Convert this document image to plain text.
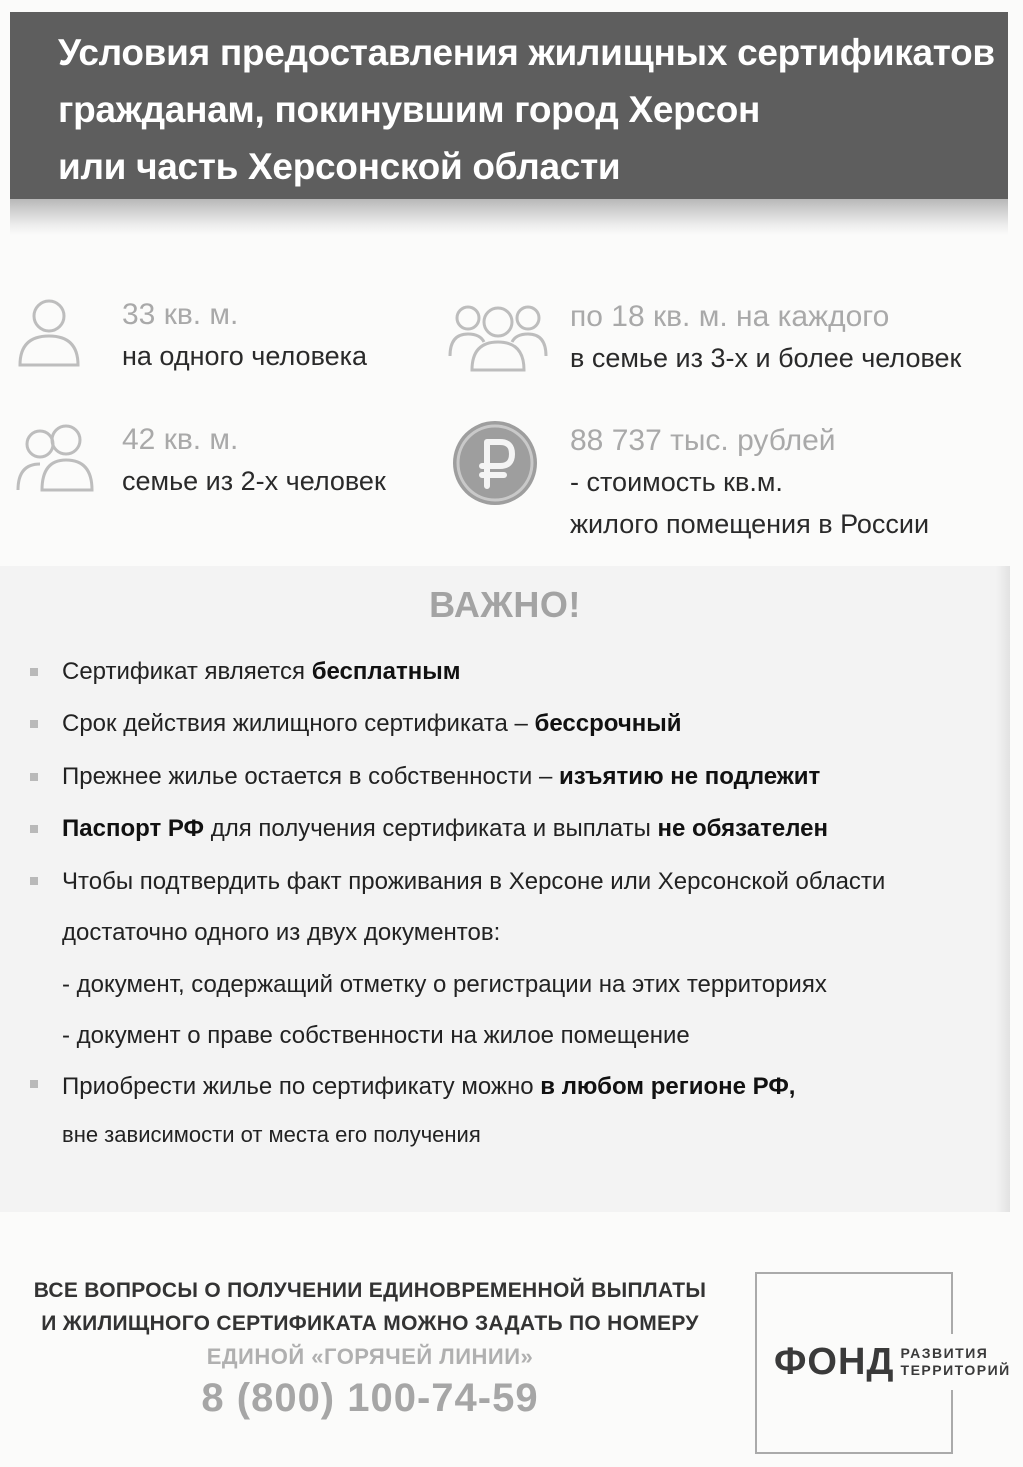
Условия предоставления жилищных сертификатов
гражданам, покинувшим город Херсон
или часть Херсонской области
33 кв. м.
на одного человека
по 18 кв. м. на каждого
в семье из 3-х и более человек
42 кв. м.
семье из 2-х человек
88 737 тыс. рублей
- стоимость кв.м.
жилого помещения в России
ВАЖНО!
Сертификат является бесплатным
Срок действия жилищного сертификата – бессрочный
Прежнее жилье остается в собственности – изъятию не подлежит
Паспорт РФ для получения сертификата и выплаты не обязателен
Чтобы подтвердить факт проживания в Херсоне или Херсонской области
достаточно одного из двух документов:
- документ, содержащий отметку о регистрации на этих территориях
- документ о праве собственности на жилое помещение
Приобрести жилье по сертификату можно в любом регионе РФ,
вне зависимости от места его получения
ВСЕ ВОПРОСЫ О ПОЛУЧЕНИИ ЕДИНОВРЕМЕННОЙ ВЫПЛАТЫ
И ЖИЛИЩНОГО СЕРТИФИКАТА МОЖНО ЗАДАТЬ ПО НОМЕРУ
ЕДИНОЙ «ГОРЯЧЕЙ ЛИНИИ»
8 (800) 100-74-59
ФОНД РАЗВИТИЯ
ТЕРРИТОРИЙ
